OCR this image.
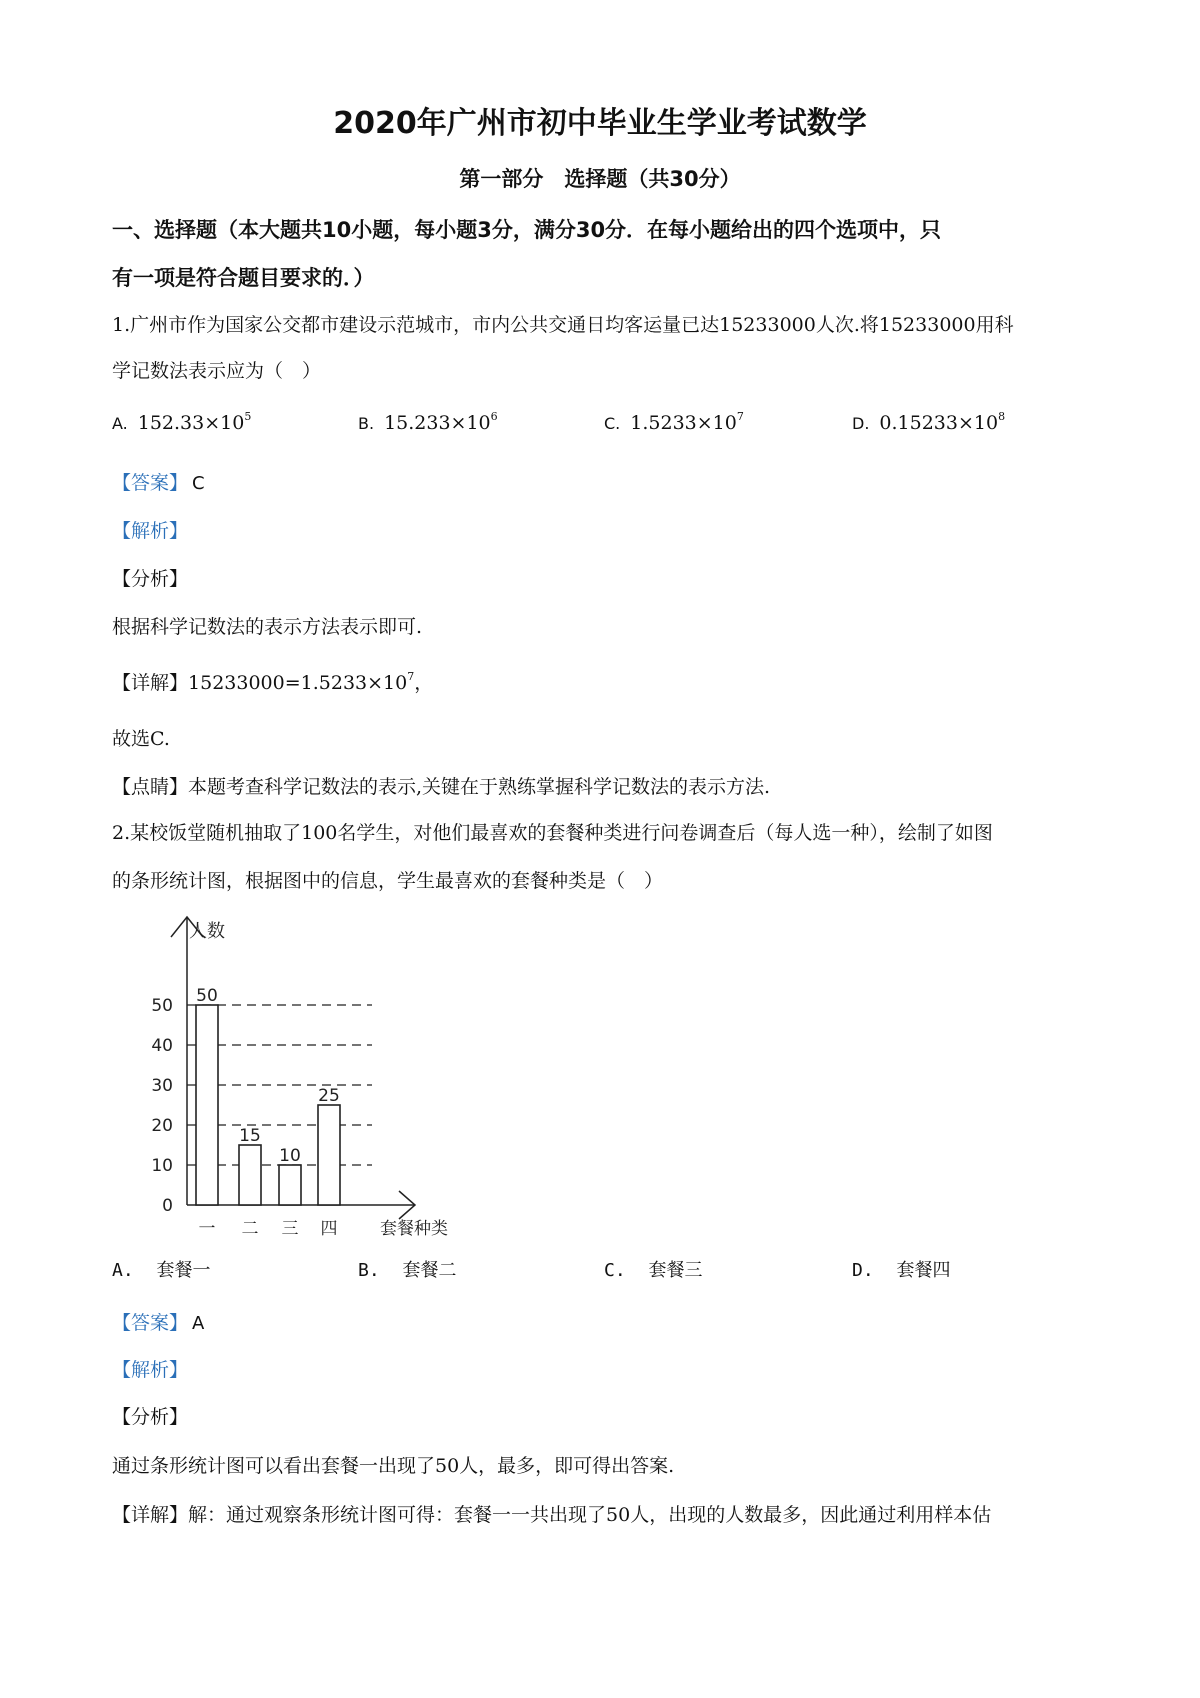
2020年广州市初中毕业生学业考试数学
第一部分　选择题（共30分）
一、选择题（本大题共10小题，每小题3分，满分30分．在每小题给出的四个选项中，只
有一项是符合题目要求的．）
1.广州市作为国家公交都市建设示范城市，市内公共交通日均客运量已达15233000人次.将15233000用科
学记数法表示应为（　）
A. $152.33\times 10^5$	B. $15.233\times 10^6$	C. $1.5233\times 10^7$	D. $0.15233\times 10^8$
【答案】 C
【解析】
【分析】
根据科学记数法的表示方法表示即可.
【详解】$15233000=1.5233\times 10^7$，
故选C.
【点睛】本题考查科学记数法的表示,关键在于熟练掌握科学记数法的表示方法.
2.某校饭堂随机抽取了100名学生，对他们最喜欢的套餐种类进行问卷调查后（每人选一种），绘制了如图
的条形统计图，根据图中的信息，学生最喜欢的套餐种类是（　）
0
10
20
30
40
50
人数
套餐种类
50
一
15
二
10
三
25
四
A. 套餐一	B. 套餐二	C. 套餐三	D. 套餐四
【答案】 A
【解析】
【分析】
通过条形统计图可以看出套餐一出现了50人，最多，即可得出答案.
【详解】解：通过观察条形统计图可得：套餐一一共出现了50人，出现的人数最多，因此通过利用样本估
